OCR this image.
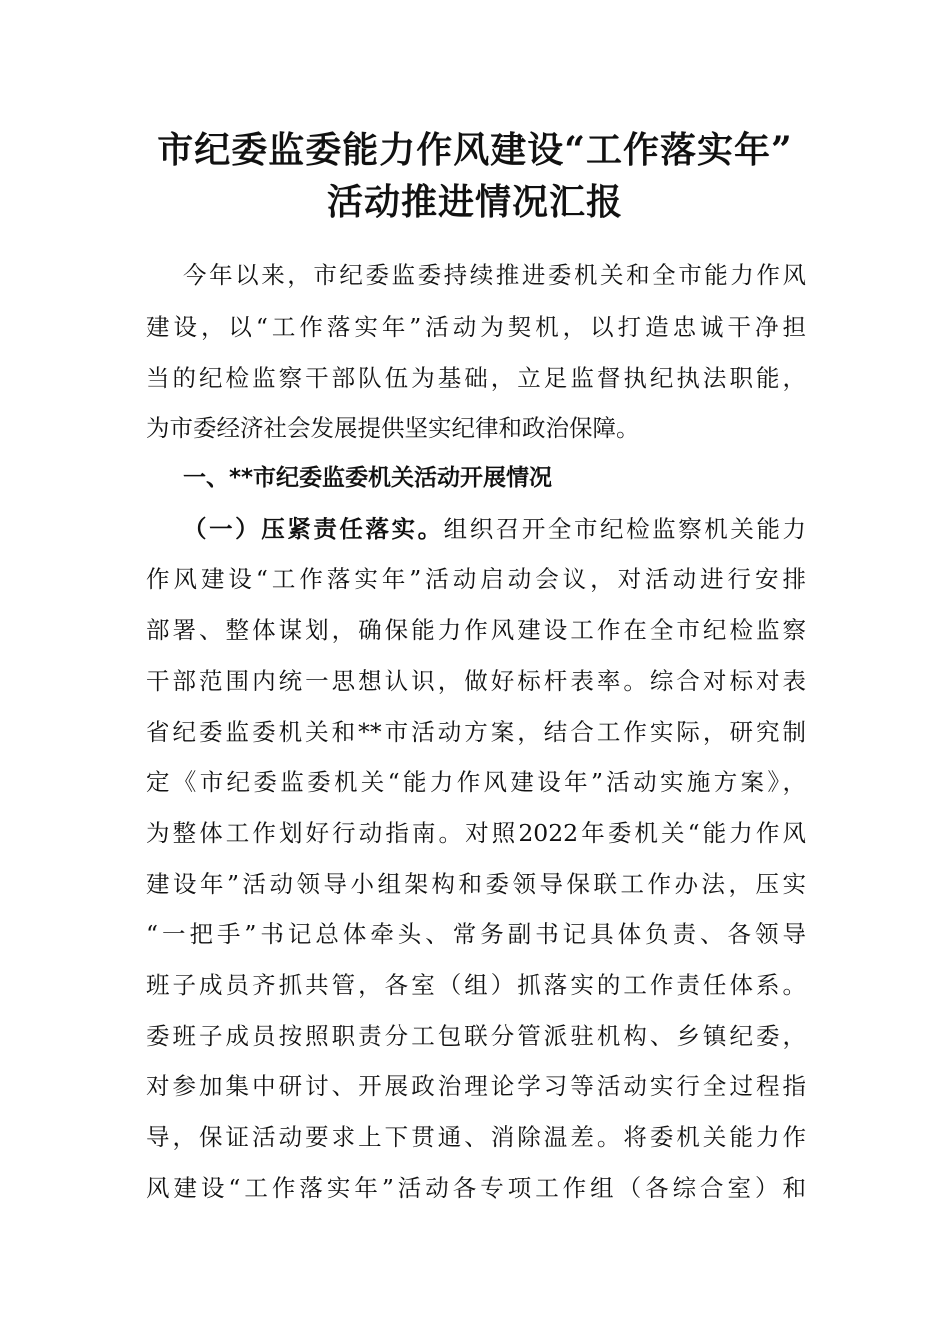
市纪委监委能力作风建设“工作落实年”
活动推进情况汇报
今年以来，市纪委监委持续推进委机关和全市能力作风
建设，以“工作落实年”活动为契机，以打造忠诚干净担
当的纪检监察干部队伍为基础，立足监督执纪执法职能，
为市委经济社会发展提供坚实纪律和政治保障。
一、**市纪委监委机关活动开展情况
（一）压紧责任落实。组织召开全市纪检监察机关能力
作风建设“工作落实年”活动启动会议，对活动进行安排
部署、整体谋划，确保能力作风建设工作在全市纪检监察
干部范围内统一思想认识，做好标杆表率。综合对标对表
省纪委监委机关和**市活动方案，结合工作实际，研究制
定《市纪委监委机关“能力作风建设年”活动实施方案》，
为整体工作划好行动指南。对照2022年委机关“能力作风
建设年”活动领导小组架构和委领导保联工作办法，压实
“一把手”书记总体牵头、常务副书记具体负责、各领导
班子成员齐抓共管，各室（组）抓落实的工作责任体系。
委班子成员按照职责分工包联分管派驻机构、乡镇纪委，
对参加集中研讨、开展政治理论学习等活动实行全过程指
导，保证活动要求上下贯通、消除温差。将委机关能力作
风建设“工作落实年”活动各专项工作组（各综合室）和
